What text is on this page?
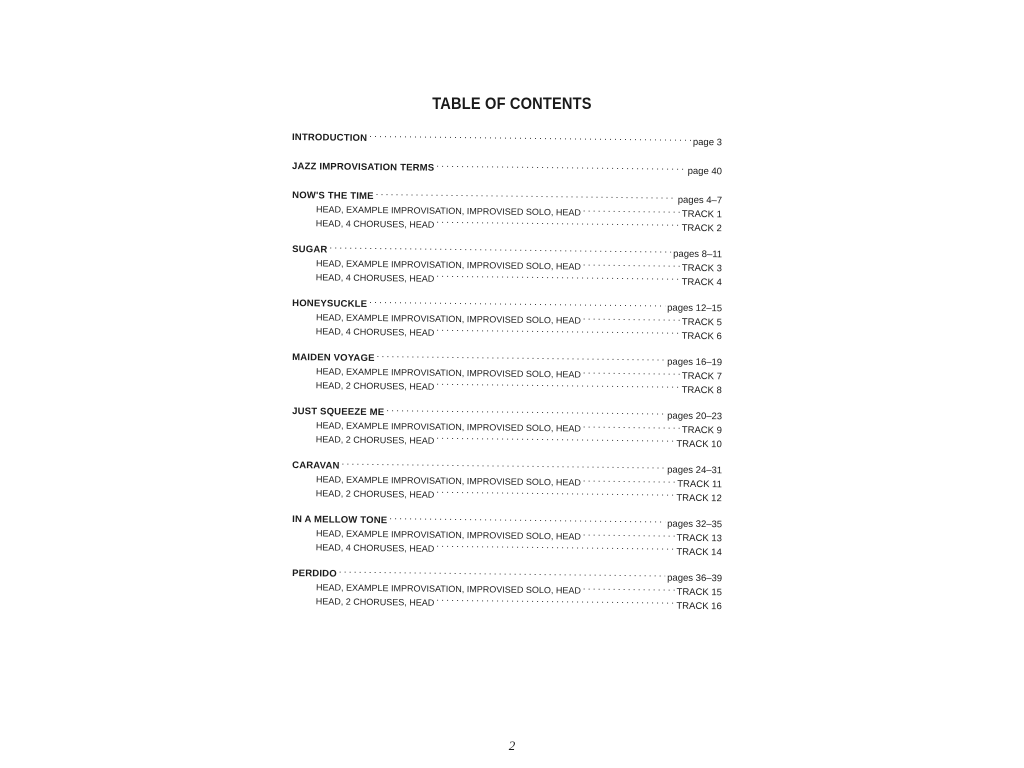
TABLE OF CONTENTS
INTRODUCTION . . .	page 3
JAZZ IMPROVISATION TERMS . . .	page 40
NOW'S THE TIME . . .	pages 4–7
HEAD, EXAMPLE IMPROVISATION, IMPROVISED SOLO, HEAD . . .	TRACK 1
HEAD, 4 CHORUSES, HEAD . . .	TRACK 2
SUGAR . . .	pages 8–11
HEAD, EXAMPLE IMPROVISATION, IMPROVISED SOLO, HEAD . . .	TRACK 3
HEAD, 4 CHORUSES, HEAD . . .	TRACK 4
HONEYSUCKLE . . .	pages 12–15
HEAD, EXAMPLE IMPROVISATION, IMPROVISED SOLO, HEAD . . .	TRACK 5
HEAD, 4 CHORUSES, HEAD . . .	TRACK 6
MAIDEN VOYAGE . . .	pages 16–19
HEAD, EXAMPLE IMPROVISATION, IMPROVISED SOLO, HEAD . . .	TRACK 7
HEAD, 2 CHORUSES, HEAD . . .	TRACK 8
JUST SQUEEZE ME . . .	pages 20–23
HEAD, EXAMPLE IMPROVISATION, IMPROVISED SOLO, HEAD . . .	TRACK 9
HEAD, 2 CHORUSES, HEAD . . .	TRACK 10
CARAVAN . . .	pages 24–31
HEAD, EXAMPLE IMPROVISATION, IMPROVISED SOLO, HEAD . . .	TRACK 11
HEAD, 2 CHORUSES, HEAD . . .	TRACK 12
IN A MELLOW TONE . . .	pages 32–35
HEAD, EXAMPLE IMPROVISATION, IMPROVISED SOLO, HEAD . . .	TRACK 13
HEAD, 4 CHORUSES, HEAD . . .	TRACK 14
PERDIDO . . .	pages 36–39
HEAD, EXAMPLE IMPROVISATION, IMPROVISED SOLO, HEAD . . .	TRACK 15
HEAD, 2 CHORUSES, HEAD . . .	TRACK 16
2
